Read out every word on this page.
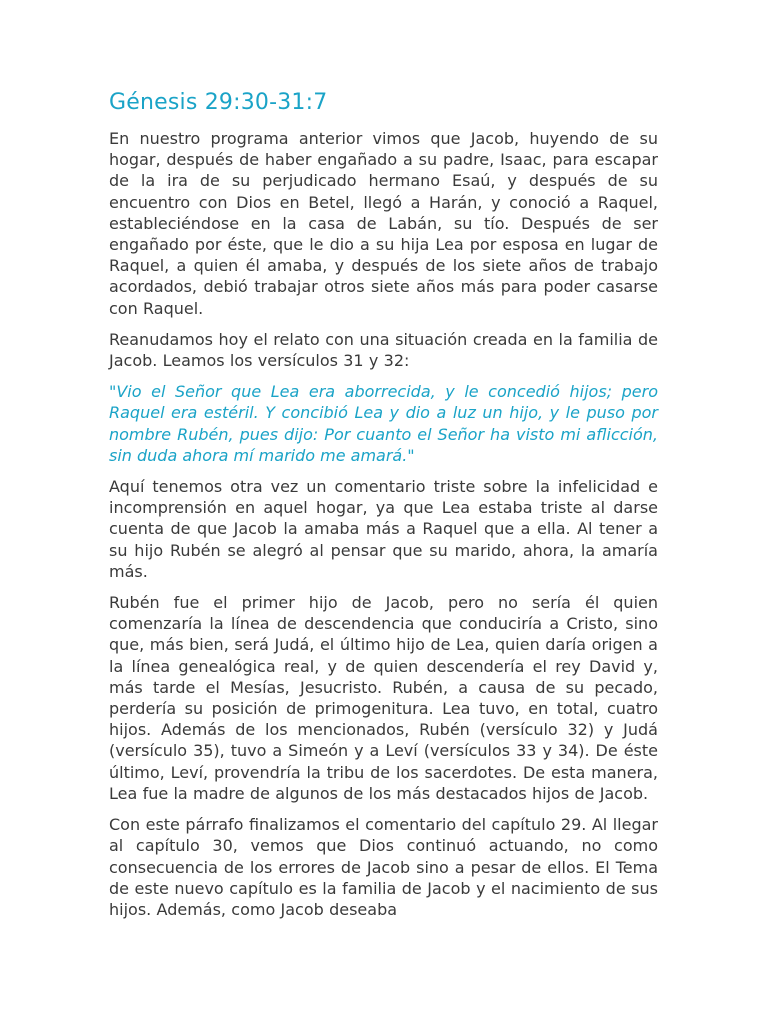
Génesis 29:30-31:7

En nuestro programa anterior vimos que Jacob, huyendo de su hogar, después de haber engañado a su padre, Isaac, para escapar de la ira de su perjudicado hermano Esaú, y después de su encuentro con Dios en Betel, llegó a Harán, y conoció a Raquel, estableciéndose en la casa de Labán, su tío. Después de ser engañado por éste, que le dio a su hija Lea por esposa en lugar de Raquel, a quien él amaba, y después de los siete años de trabajo acordados, debió trabajar otros siete años más para poder casarse con Raquel.

Reanudamos hoy el relato con una situación creada en la familia de Jacob. Leamos los versículos 31 y 32:

"Vio el Señor que Lea era aborrecida, y le concedió hijos; pero Raquel era estéril. Y concibió Lea y dio a luz un hijo, y le puso por nombre Rubén, pues dijo: Por cuanto el Señor ha visto mi aflicción, sin duda ahora mí marido me amará."

Aquí tenemos otra vez un comentario triste sobre la infelicidad e incomprensión en aquel hogar, ya que Lea estaba triste al darse cuenta de que Jacob la amaba más a Raquel que a ella. Al tener a su hijo Rubén se alegró al pensar que su marido, ahora, la amaría más.

Rubén fue el primer hijo de Jacob, pero no sería él quien comenzaría la línea de descendencia que conduciría a Cristo, sino que, más bien, será Judá, el último hijo de Lea, quien daría origen a la línea genealógica real, y de quien descendería el rey David y, más tarde el Mesías, Jesucristo. Rubén, a causa de su pecado, perdería su posición de primogenitura. Lea tuvo, en total, cuatro hijos. Además de los mencionados, Rubén (versículo 32) y Judá (versículo 35), tuvo a Simeón y a Leví (versículos 33 y 34). De éste último, Leví, provendría la tribu de los sacerdotes. De esta manera, Lea fue la madre de algunos de los más destacados hijos de Jacob.

Con este párrafo finalizamos el comentario del capítulo 29. Al llegar al capítulo 30, vemos que Dios continuó actuando, no como consecuencia de los errores de Jacob sino a pesar de ellos. El Tema de este nuevo capítulo es la familia de Jacob y el nacimiento de sus hijos. Además, como Jacob deseaba
